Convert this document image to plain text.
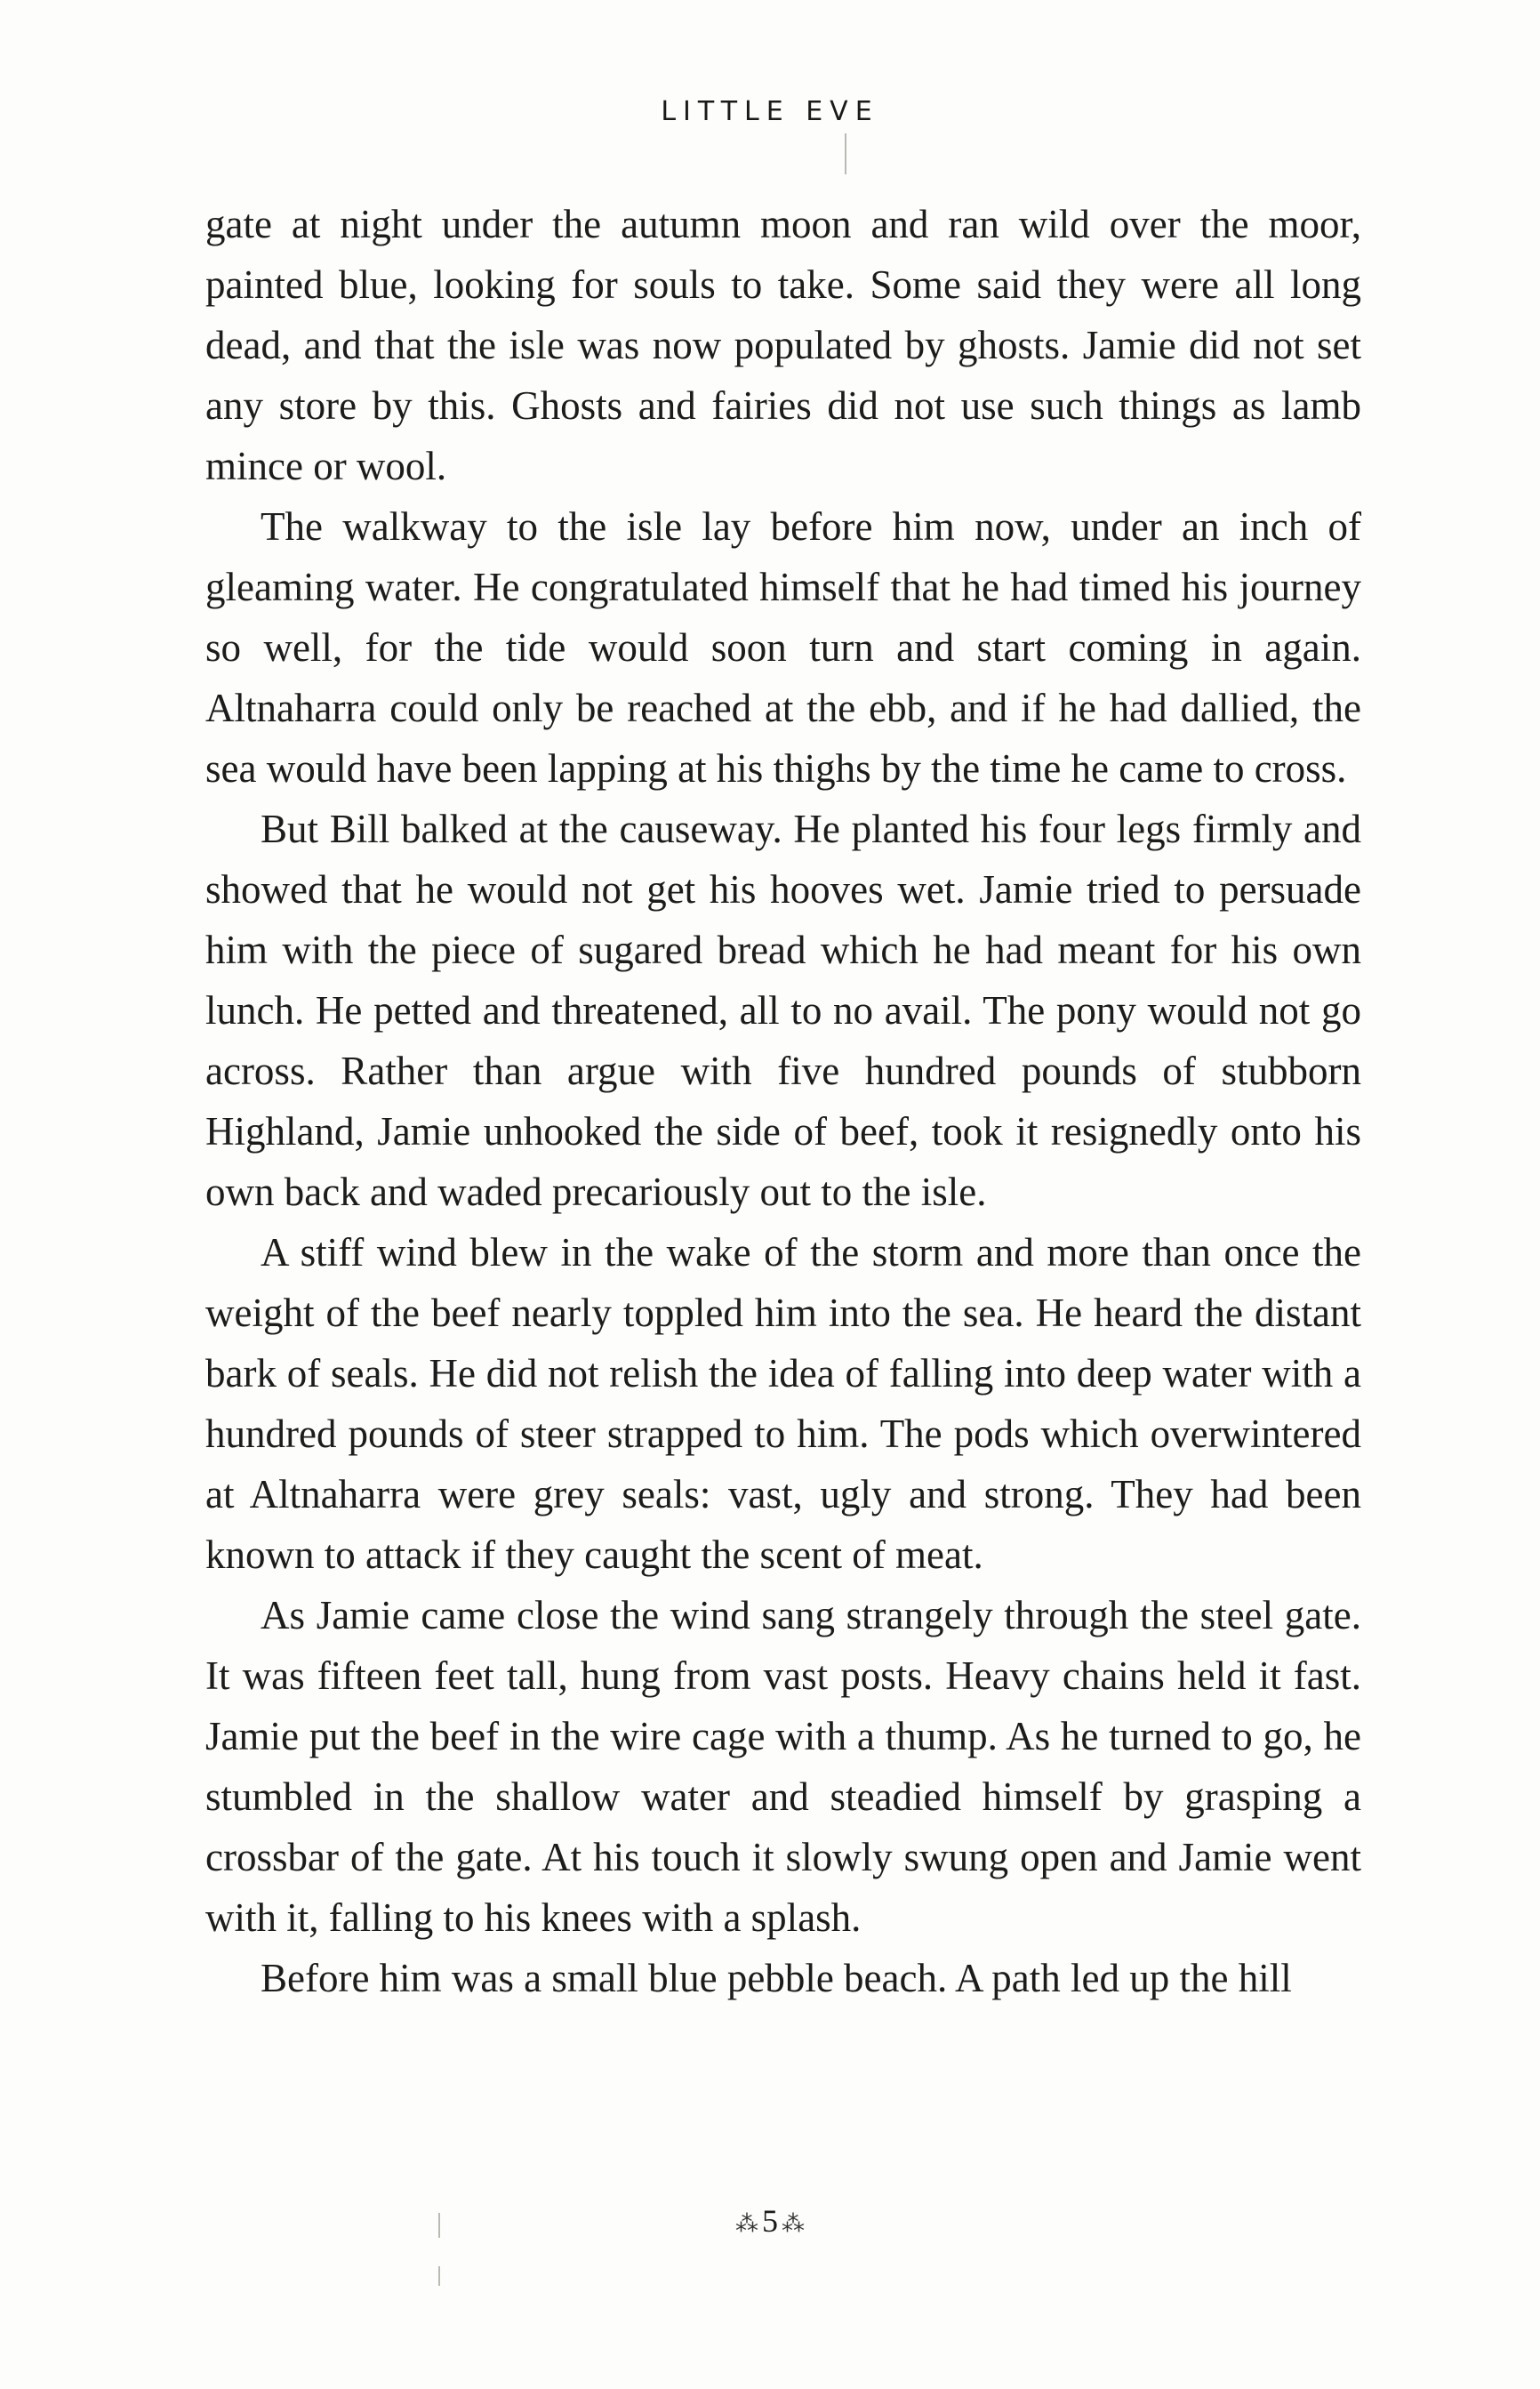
LITTLE EVE

gate at night under the autumn moon and ran wild over the moor, painted blue, looking for souls to take. Some said they were all long dead, and that the isle was now populated by ghosts. Jamie did not set any store by this. Ghosts and fairies did not use such things as lamb mince or wool.

The walkway to the isle lay before him now, under an inch of gleaming water. He congratulated himself that he had timed his journey so well, for the tide would soon turn and start coming in again. Altnaharra could only be reached at the ebb, and if he had dallied, the sea would have been lapping at his thighs by the time he came to cross.

But Bill balked at the causeway. He planted his four legs firmly and showed that he would not get his hooves wet. Jamie tried to persuade him with the piece of sugared bread which he had meant for his own lunch. He petted and threatened, all to no avail. The pony would not go across. Rather than argue with five hundred pounds of stubborn Highland, Jamie unhooked the side of beef, took it resignedly onto his own back and waded precariously out to the isle.

A stiff wind blew in the wake of the storm and more than once the weight of the beef nearly toppled him into the sea. He heard the distant bark of seals. He did not relish the idea of falling into deep water with a hundred pounds of steer strapped to him. The pods which overwintered at Altnaharra were grey seals: vast, ugly and strong. They had been known to attack if they caught the scent of meat.

As Jamie came close the wind sang strangely through the steel gate. It was fifteen feet tall, hung from vast posts. Heavy chains held it fast. Jamie put the beef in the wire cage with a thump. As he turned to go, he stumbled in the shallow water and steadied himself by grasping a crossbar of the gate. At his touch it slowly swung open and Jamie went with it, falling to his knees with a splash.

Before him was a small blue pebble beach. A path led up the hill

⁂ 5 ⁂
